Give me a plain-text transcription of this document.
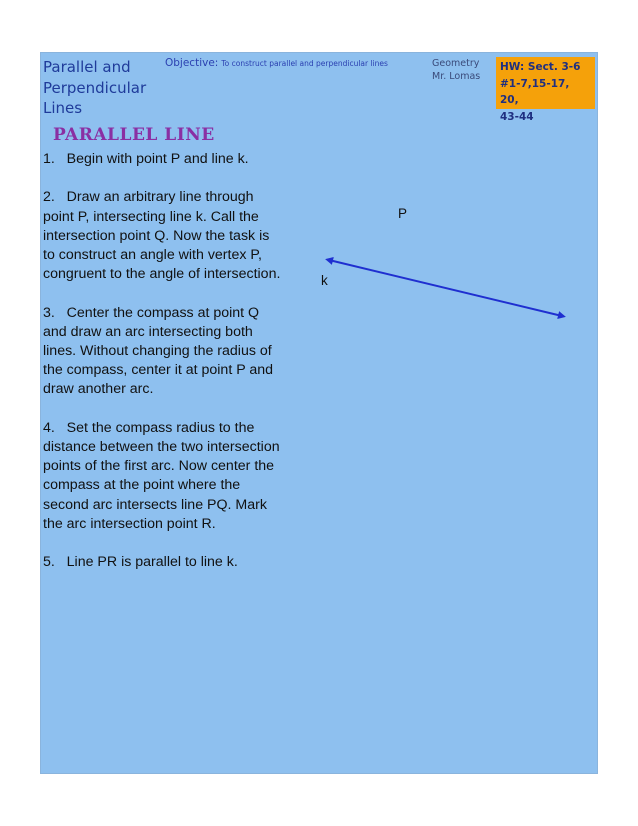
Parallel and Perpendicular Lines
Objective: To construct parallel and perpendicular lines	Geometry
Mr. Lomas
HW: Sect. 3-6
#1-7,15-17, 20,
43-44
PARALLEL LINE
1. Begin with point P and line k.
2. Draw an arbitrary line through point P, intersecting line k. Call the intersection point Q. Now the task is to construct an angle with vertex P, congruent to the angle of intersection.
3. Center the compass at point Q and draw an arc intersecting both lines. Without changing the radius of the compass, center it at point P and draw another arc.
4. Set the compass radius to the distance between the two intersection points of the first arc. Now center the compass at the point where the second arc intersects line PQ. Mark the arc intersection point R.
5. Line PR is parallel to line k.
P
k
